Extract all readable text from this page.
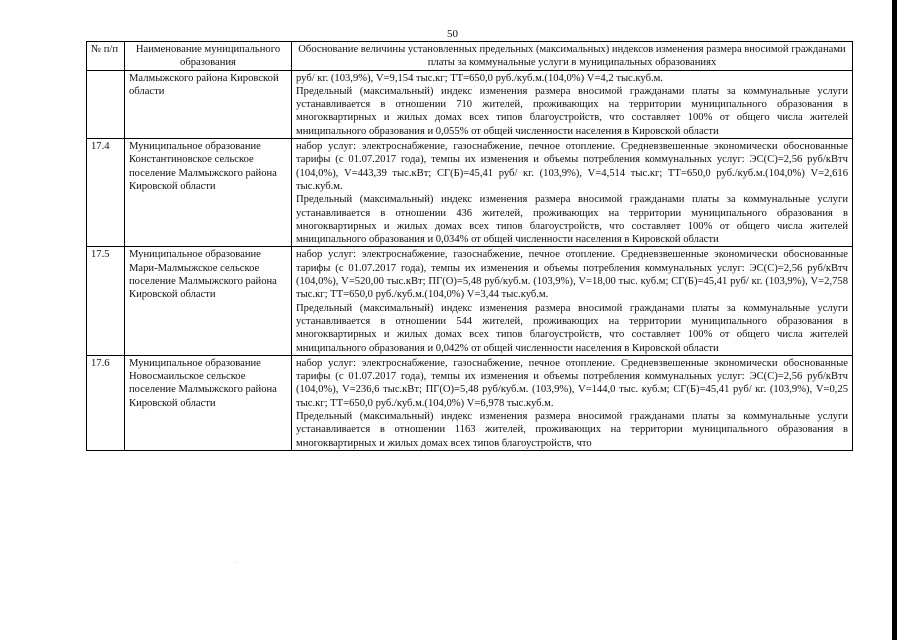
50
№ п/п	Наименование муниципального образования	Обоснование величины установленных предельных (максимальных) индексов изменения размера вносимой гражданами платы за коммунальные услуги в муниципальных образованиях
	Малмыжского района Кировской области	руб/ кг. (103,9%), V=9,154 тыс.кг; ТТ=650,0 руб./куб.м.(104,0%) V=4,2 тыс.куб.м.

Предельный (максимальный) индекс изменения размера вносимой гражданами платы за коммунальные услуги устанавливается в отношении 710 жителей, проживающих на территории муниципального образования в многоквартирных и жилых домах всех типов благоустройств, что составляет 100% от общего числа жителей мниципального образования и 0,055% от общей численности населения в Кировской области

17.4	Муниципальное образование Константиновское сельское поселение Малмыжского района Кировской области	набор услуг: электроснабжение, газоснабжение, печное отопление. Средневзвешенные экономически обоснованные тарифы (с 01.07.2017 года), темпы их изменения и объемы потребления коммунальных услуг: ЭС(С)=2,56 руб/кВтч (104,0%), V=443,39 тыс.кВт; СГ(Б)=45,41 руб/ кг. (103,9%), V=4,514 тыс.кг; ТТ=650,0 руб./куб.м.(104,0%) V=2,616 тыс.куб.м.

Предельный (максимальный) индекс изменения размера вносимой гражданами платы за коммунальные услуги устанавливается в отношении 436 жителей, проживающих на территории муниципального образования в многоквартирных и жилых домах всех типов благоустройств, что составляет 100% от общего числа жителей мниципального образования и 0,034% от общей численности населения в Кировской области

17.5	Муниципальное образование Мари-Малмыжское сельское поселение Малмыжского района Кировской области	набор услуг: электроснабжение, газоснабжение, печное отопление. Средневзвешенные экономически обоснованные тарифы (с 01.07.2017 года), темпы их изменения и объемы потребления коммунальных услуг: ЭС(С)=2,56 руб/кВтч (104,0%), V=520,00 тыс.кВт; ПГ(О)=5,48 руб/куб.м. (103,9%), V=18,00 тыс. куб.м; СГ(Б)=45,41 руб/ кг. (103,9%), V=2,758 тыс.кг; ТТ=650,0 руб./куб.м.(104,0%) V=3,44 тыс.куб.м.

Предельный (максимальный) индекс изменения размера вносимой гражданами платы за коммунальные услуги устанавливается в отношении 544 жителей, проживающих на территории муниципального образования в многоквартирных и жилых домах всех типов благоустройств, что составляет 100% от общего числа жителей мниципального образования и 0,042% от общей численности населения в Кировской области

17.6	Муниципальное образование Новосмаильское сельское поселение Малмыжского района Кировской области	набор услуг: электроснабжение, газоснабжение, печное отопление. Средневзвешенные экономически обоснованные тарифы (с 01.07.2017 года), темпы их изменения и объемы потребления коммунальных услуг: ЭС(С)=2,56 руб/кВтч (104,0%), V=236,6 тыс.кВт; ПГ(О)=5,48 руб/куб.м. (103,9%), V=144,0 тыс. куб.м; СГ(Б)=45,41 руб/ кг. (103,9%), V=0,25 тыс.кг; ТТ=650,0 руб./куб.м.(104,0%) V=6,978 тыс.куб.м.

Предельный (максимальный) индекс изменения размера вносимой гражданами платы за коммунальные услуги устанавливается в отношении 1163 жителей, проживающих на территории муниципального образования в многоквартирных и жилых домах всех типов благоустройств, что

·
